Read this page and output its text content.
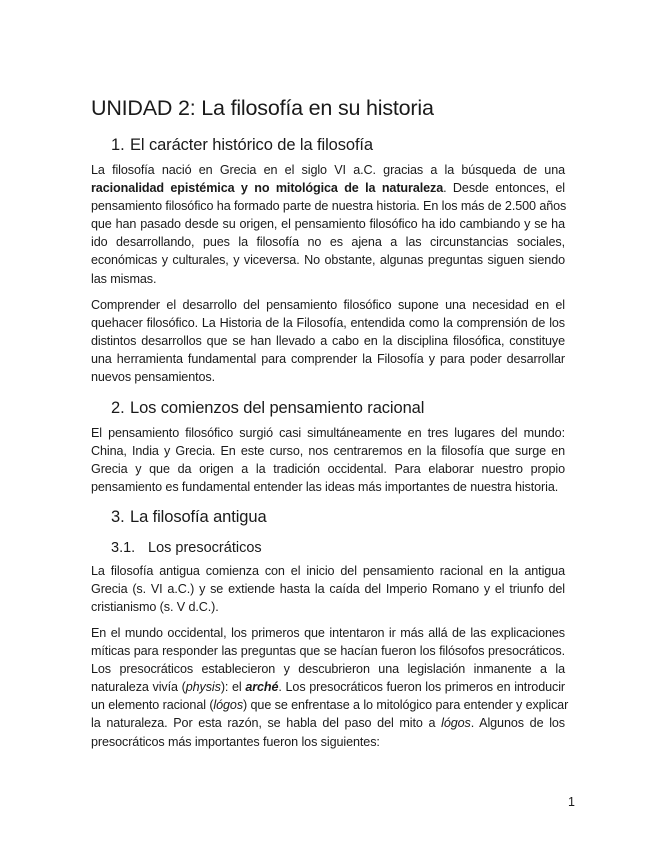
UNIDAD 2: La filosofía en su historia
1. El carácter histórico de la filosofía
La filosofía nació en Grecia en el siglo VI a.C. gracias a la búsqueda de una
racionalidad epistémica y no mitológica de la naturaleza. Desde entonces, el
pensamiento filosófico ha formado parte de nuestra historia. En los más de 2.500 años
que han pasado desde su origen, el pensamiento filosófico ha ido cambiando y se ha
ido desarrollando, pues la filosofía no es ajena a las circunstancias sociales,
económicas y culturales, y viceversa. No obstante, algunas preguntas siguen siendo
las mismas.
Comprender el desarrollo del pensamiento filosófico supone una necesidad en el
quehacer filosófico. La Historia de la Filosofía, entendida como la comprensión de los
distintos desarrollos que se han llevado a cabo en la disciplina filosófica, constituye
una herramienta fundamental para comprender la Filosofía y para poder desarrollar
nuevos pensamientos.
2. Los comienzos del pensamiento racional
El pensamiento filosófico surgió casi simultáneamente en tres lugares del mundo:
China, India y Grecia. En este curso, nos centraremos en la filosofía que surge en
Grecia y que da origen a la tradición occidental. Para elaborar nuestro propio
pensamiento es fundamental entender las ideas más importantes de nuestra historia.
3. La filosofía antigua
3.1. Los presocráticos
La filosofía antigua comienza con el inicio del pensamiento racional en la antigua
Grecia (s. VI a.C.) y se extiende hasta la caída del Imperio Romano y el triunfo del
cristianismo (s. V d.C.).
En el mundo occidental, los primeros que intentaron ir más allá de las explicaciones
míticas para responder las preguntas que se hacían fueron los filósofos presocráticos.
Los presocráticos establecieron y descubrieron una legislación inmanente a la
naturaleza vivía (physis): el arché. Los presocráticos fueron los primeros en introducir
un elemento racional (lógos) que se enfrentase a lo mitológico para entender y explicar
la naturaleza. Por esta razón, se habla del paso del mito a lógos. Algunos de los
presocráticos más importantes fueron los siguientes:
1
